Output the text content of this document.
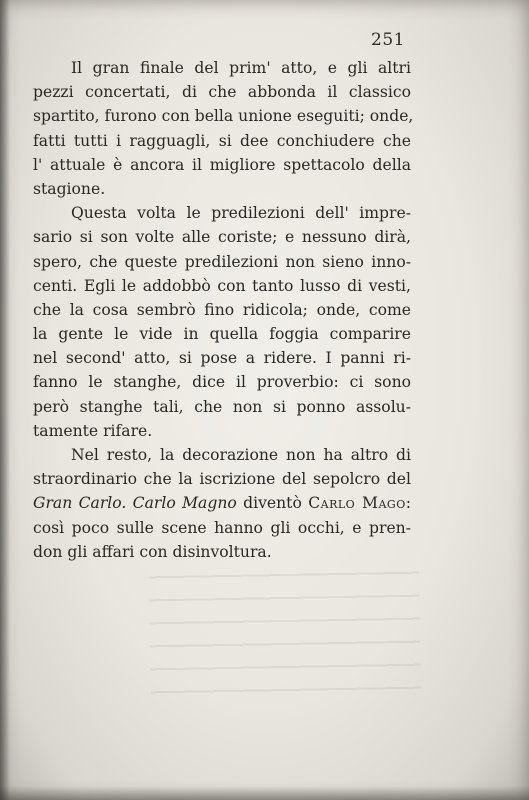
251
Il gran finale del prim' atto, e gli altri
pezzi concertati, di che abbonda il classico
spartito, furono con bella unione eseguiti; onde,
fatti tutti i ragguagli, si dee conchiudere che
l' attuale è ancora il migliore spettacolo della
stagione.
Questa volta le predilezioni dell' impre-
sario si son volte alle coriste; e nessuno dirà,
spero, che queste predilezioni non sieno inno-
centi. Egli le addobbò con tanto lusso di vesti,
che la cosa sembrò fino ridicola; onde, come
la gente le vide in quella foggia comparire
nel second' atto, si pose a ridere. I panni ri-
fanno le stanghe, dice il proverbio: ci sono
però stanghe tali, che non si ponno assolu-
tamente rifare.
Nel resto, la decorazione non ha altro di
straordinario che la iscrizione del sepolcro del
Gran Carlo. Carlo Magno diventò Carlo Mago:
così poco sulle scene hanno gli occhi, e pren-
don gli affari con disinvoltura.
